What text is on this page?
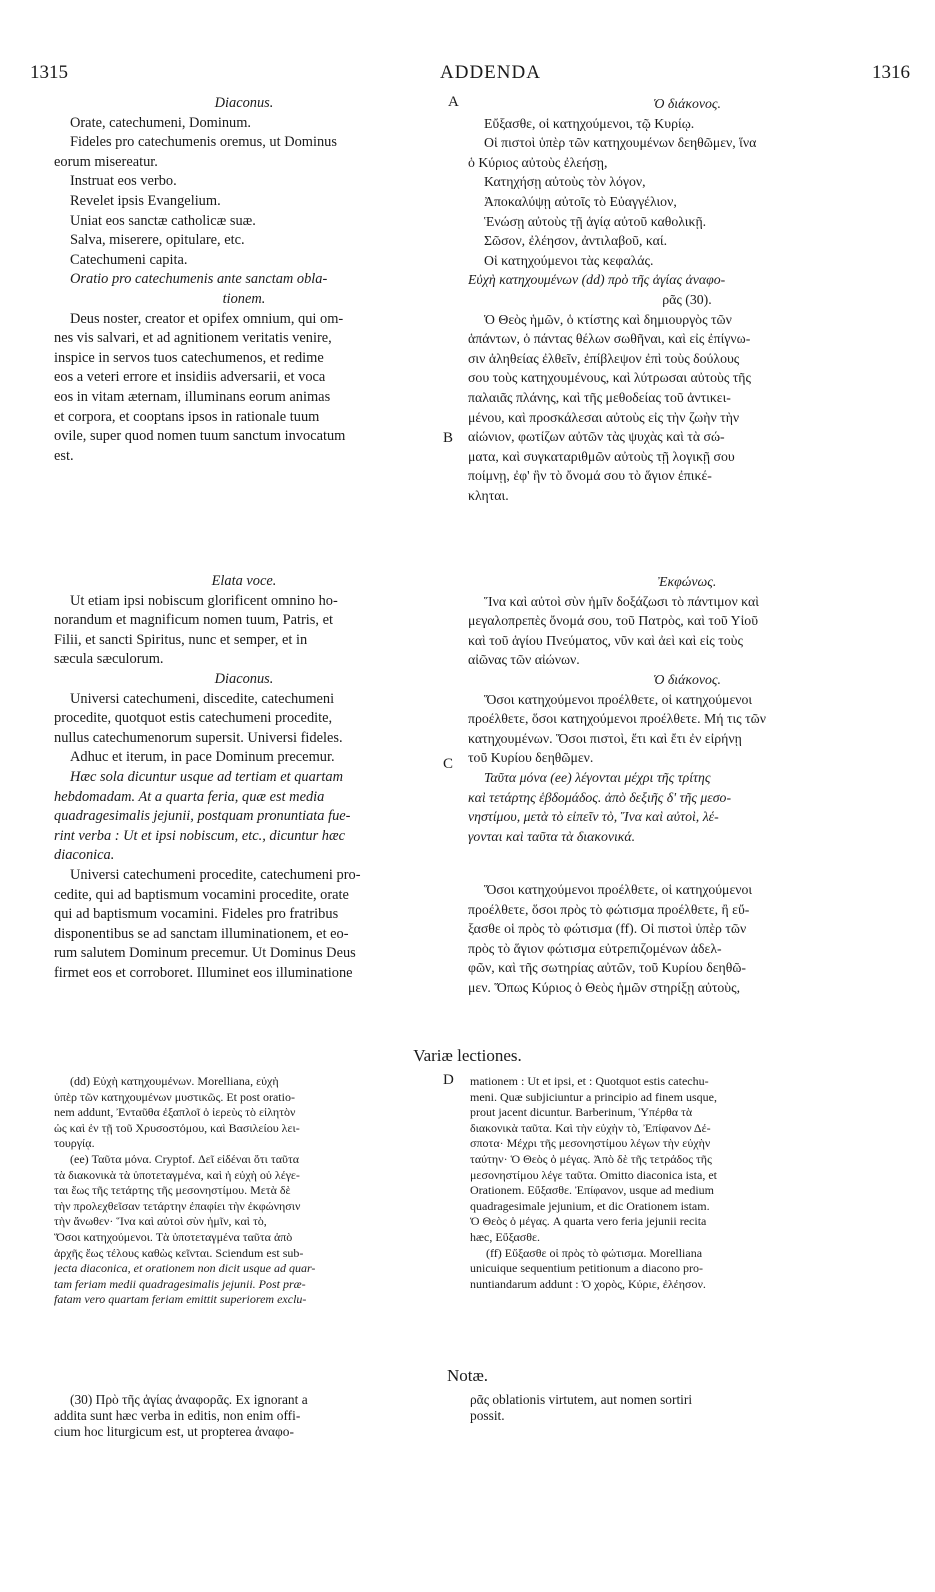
1315	ADDENDA	1316
A
B
C
D
Diaconus.
Orate, catechumeni, Dominum.
Fideles pro catechumenis oremus, ut Dominus
eorum misereatur.
Instruat eos verbo.
Revelet ipsis Evangelium.
Uniat eos sanctæ catholicæ suæ.
Salva, miserere, opitulare, etc.
Catechumeni capita.
Oratio pro catechumenis ante sanctam obla-
tionem.
Deus noster, creator et opifex omnium, qui om-
nes vis salvari, et ad agnitionem veritatis venire,
inspice in servos tuos catechumenos, et redime
eos a veteri errore et insidiis adversarii, et voca
eos in vitam æternam, illuminans eorum animas
et corpora, et cooptans ipsos in rationale tuum
ovile, super quod nomen tuum sanctum invocatum
est.
Elata voce.
Ut etiam ipsi nobiscum glorificent omnino ho-
norandum et magnificum nomen tuum, Patris, et
Filii, et sancti Spiritus, nunc et semper, et in
sæcula sæculorum.
Diaconus.
Universi catechumeni, discedite, catechumeni
procedite, quotquot estis catechumeni procedite,
nullus catechumenorum supersit. Universi fideles.
Adhuc et iterum, in pace Dominum precemur.
Hæc sola dicuntur usque ad tertiam et quartam
hebdomadam. At a quarta feria, quæ est media
quadragesimalis jejunii, postquam pronuntiata fue-
rint verba : Ut et ipsi nobiscum, etc., dicuntur hæc
diaconica.
Universi catechumeni procedite, catechumeni pro-
cedite, qui ad baptismum vocamini procedite, orate
qui ad baptismum vocamini. Fideles pro fratribus
disponentibus se ad sanctam illuminationem, et eo-
rum salutem Dominum precemur. Ut Dominus Deus
firmet eos et corroboret. Illuminet eos illuminatione
Ὁ διάκονος.
Εὔξασθε, οἱ κατηχούμενοι, τῷ Κυρίῳ.
Οἱ πιστοὶ ὑπὲρ τῶν κατηχουμένων δεηθῶμεν, ἵνα
ὁ Κύριος αὐτοὺς ἐλεήσῃ,
Κατηχήσῃ αὐτοὺς τὸν λόγον,
Ἀποκαλύψῃ αὐτοῖς τὸ Εὐαγγέλιον,
Ἑνώσῃ αὐτοὺς τῇ ἁγίᾳ αὐτοῦ καθολικῇ.
Σῶσον, ἐλέησον, ἀντιλαβοῦ, καί.
Οἱ κατηχούμενοι τὰς κεφαλάς.
Εὐχὴ κατηχουμένων (dd) πρὸ τῆς ἁγίας ἀναφο-
ρᾶς (30).
Ὁ Θεὸς ἡμῶν, ὁ κτίστης καὶ δημιουργὸς τῶν
ἁπάντων, ὁ πάντας θέλων σωθῆναι, καὶ εἰς ἐπίγνω-
σιν ἀληθείας ἐλθεῖν, ἐπίβλεψον ἐπὶ τοὺς δούλους
σου τοὺς κατηχουμένους, καὶ λύτρωσαι αὐτοὺς τῆς
παλαιᾶς πλάνης, καὶ τῆς μεθοδείας τοῦ ἀντικει-
μένου, καὶ προσκάλεσαι αὐτοὺς εἰς τὴν ζωὴν τὴν
αἰώνιον, φωτίζων αὐτῶν τὰς ψυχὰς καὶ τὰ σώ-
ματα, καὶ συγκαταριθμῶν αὐτοὺς τῇ λογικῇ σου
ποίμνῃ, ἐφ' ἣν τὸ ὄνομά σου τὸ ἅγιον ἐπικέ-
κληται.
Ἐκφώνως.
Ἵνα καὶ αὐτοὶ σὺν ἡμῖν δοξάζωσι τὸ πάντιμον καὶ
μεγαλοπρεπὲς ὄνομά σου, τοῦ Πατρὸς, καὶ τοῦ Υἱοῦ
καὶ τοῦ ἁγίου Πνεύματος, νῦν καὶ ἀεὶ καὶ εἰς τοὺς
αἰῶνας τῶν αἰώνων.
Ὁ διάκονος.
Ὅσοι κατηχούμενοι προέλθετε, οἱ κατηχούμενοι
προέλθετε, ὅσοι κατηχούμενοι προέλθετε. Μή τις τῶν
κατηχουμένων. Ὅσοι πιστοὶ, ἔτι καὶ ἔτι ἐν εἰρήνῃ
τοῦ Κυρίου δεηθῶμεν.
Ταῦτα μόνα (ee) λέγονται μέχρι τῆς τρίτης
καὶ τετάρτης ἑβδομάδος. ἀπὸ δεξιῆς δ' τῆς μεσο-
νηστίμου, μετὰ τὸ εἰπεῖν τὸ, Ἵνα καὶ αὐτοὶ, λέ-
γονται καὶ ταῦτα τὰ διακονικά.
Ὅσοι κατηχούμενοι προέλθετε, οἱ κατηχούμενοι
προέλθετε, ὅσοι πρὸς τὸ φώτισμα προέλθετε, ἢ εὔ-
ξασθε οἱ πρὸς τὸ φώτισμα (ff). Οἱ πιστοὶ ὑπὲρ τῶν
πρὸς τὸ ἅγιον φώτισμα εὐτρεπιζομένων ἀδελ-
φῶν, καὶ τῆς σωτηρίας αὐτῶν, τοῦ Κυρίου δεηθῶ-
μεν. Ὅπως Κύριος ὁ Θεὸς ἡμῶν στηρίξῃ αὐτοὺς,
Variæ lectiones.
(dd) Εὐχὴ κατηχουμένων. Morelliana, εὐχὴ
ὑπὲρ τῶν κατηχουμένων μυστικῶς. Et post oratio-
nem addunt, Ἐνταῦθα ἐξαπλοῖ ὁ ἱερεὺς τὸ εἰλητὸν
ὡς καὶ ἐν τῇ τοῦ Χρυσοστόμου, καὶ Βασιλείου λει-
τουργίᾳ.
(ee) Ταῦτα μόνα. Cryptof. Δεῖ εἰδέναι ὅτι ταῦτα
τὰ διακονικὰ τὰ ὑποτεταγμένα, καὶ ἡ εὐχὴ οὐ λέγε-
ται ἕως τῆς τετάρτης τῆς μεσονηστίμου. Μετὰ δὲ
τὴν προλεχθεῖσαν τετάρτην ἐπαφίει τὴν ἐκφώνησιν
τὴν ἄνωθεν· Ἵνα καὶ αὐτοὶ σὺν ἡμῖν, καὶ τὸ,
Ὅσοι κατηχούμενοι. Τὰ ὑποτεταγμένα ταῦτα ἀπὸ
ἀρχῆς ἕως τέλους καθὼς κεῖνται. Sciendum est sub-
jecta diaconica, et orationem non dicit usque ad quar-
tam feriam medii quadragesimalis jejunii. Post præ-
fatam vero quartam feriam emittit superiorem exclu-
mationem : Ut et ipsi, et : Quotquot estis catechu-
meni. Quæ subjiciuntur a principio ad finem usque,
prout jacent dicuntur. Barberinum, Ὑπέρθα τὰ
διακονικὰ ταῦτα. Καὶ τὴν εὐχὴν τὸ, Ἐπίφανον Δέ-
σποτα· Μέχρι τῆς μεσονηστίμου λέγων τὴν εὐχὴν
ταύτην· Ὁ Θεὸς ὁ μέγας. Ἀπὸ δὲ τῆς τετράδος τῆς
μεσονηστίμου λέγε ταῦτα. Omitto diaconica ista, et
Orationem. Εὔξασθε. Ἐπίφανον, usque ad medium
quadragesimale jejunium, et dic Orationem istam.
Ὁ Θεὸς ὁ μέγας. A quarta vero feria jejunii recita
hæc, Εὔξασθε.
(ff) Εὔξασθε οἱ πρὸς τὸ φώτισμα. Morelliana
unicuique sequentium petitionum a diacono pro-
nuntiandarum addunt : Ὁ χορὸς, Κύριε, ἐλέησον.
Notæ.
(30) Πρὸ τῆς ἁγίας ἀναφορᾶς. Ex ignorant a
addita sunt hæc verba in editis, non enim offi-
cium hoc liturgicum est, ut propterea ἀναφο-
ρᾶς oblationis virtutem, aut nomen sortiri
possit.
